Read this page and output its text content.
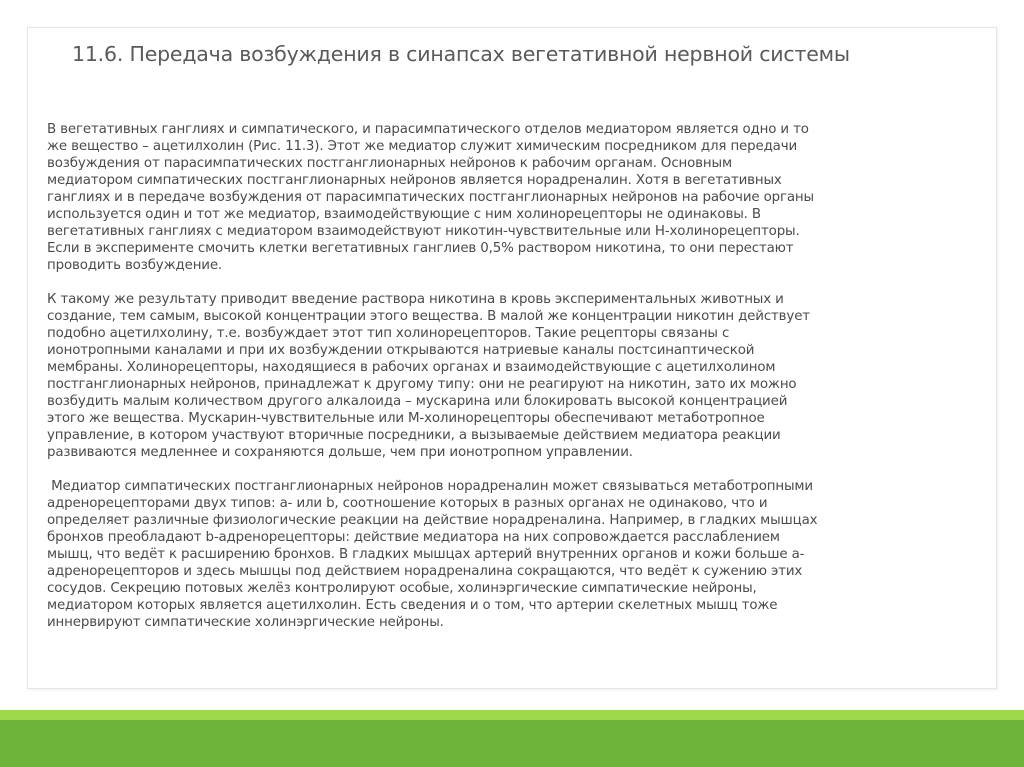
11.6. Передача возбуждения в синапсах вегетативной нервной системы

В вегетативных ганглиях и симпатического, и парасимпатического отделов медиатором является одно и то

же вещество – ацетилхолин (Рис. 11.3). Этот же медиатор служит химическим посредником для передачи

возбуждения от парасимпатических постганглионарных нейронов к рабочим органам. Основным

медиатором симпатических постганглионарных нейронов является норадреналин. Хотя в вегетативных

ганглиях и в передаче возбуждения от парасимпатических постганглионарных нейронов на рабочие органы

используется один и тот же медиатор, взаимодействующие с ним холинорецепторы не одинаковы. В

вегетативных ганглиях с медиатором взаимодействуют никотин-чувствительные или Н-холинорецепторы.

Если в эксперименте смочить клетки вегетативных ганглиев 0,5% раствором никотина, то они перестают

проводить возбуждение.

К такому же результату приводит введение раствора никотина в кровь экспериментальных животных и

создание, тем самым, высокой концентрации этого вещества. В малой же концентрации никотин действует

подобно ацетилхолину, т.е. возбуждает этот тип холинорецепторов. Такие рецепторы связаны с

ионотропными каналами и при их возбуждении открываются натриевые каналы постсинаптической

мембраны. Холинорецепторы, находящиеся в рабочих органах и взаимодействующие с ацетилхолином

постганглионарных нейронов, принадлежат к другому типу: они не реагируют на никотин, зато их можно

возбудить малым количеством другого алкалоида – мускарина или блокировать высокой концентрацией

этого же вещества. Мускарин-чувствительные или М-холинорецепторы обеспечивают метаботропное

управление, в котором участвуют вторичные посредники, а вызываемые действием медиатора реакции

развиваются медленнее и сохраняются дольше, чем при ионотропном управлении.

Медиатор симпатических постганглионарных нейронов норадреналин может связываться метаботропными

адренорецепторами двух типов: а- или b, соотношение которых в разных органах не одинаково, что и

определяет различные физиологические реакции на действие норадреналина. Например, в гладких мышцах

бронхов преобладают b-адренорецепторы: действие медиатора на них сопровождается расслаблением

мышц, что ведёт к расширению бронхов. В гладких мышцах артерий внутренних органов и кожи больше а-

адренорецепторов и здесь мышцы под действием норадреналина сокращаются, что ведёт к сужению этих

сосудов. Секрецию потовых желёз контролируют особые, холинэргические симпатические нейроны,

медиатором которых является ацетилхолин. Есть сведения и о том, что артерии скелетных мышц тоже

иннервируют симпатические холинэргические нейроны.
